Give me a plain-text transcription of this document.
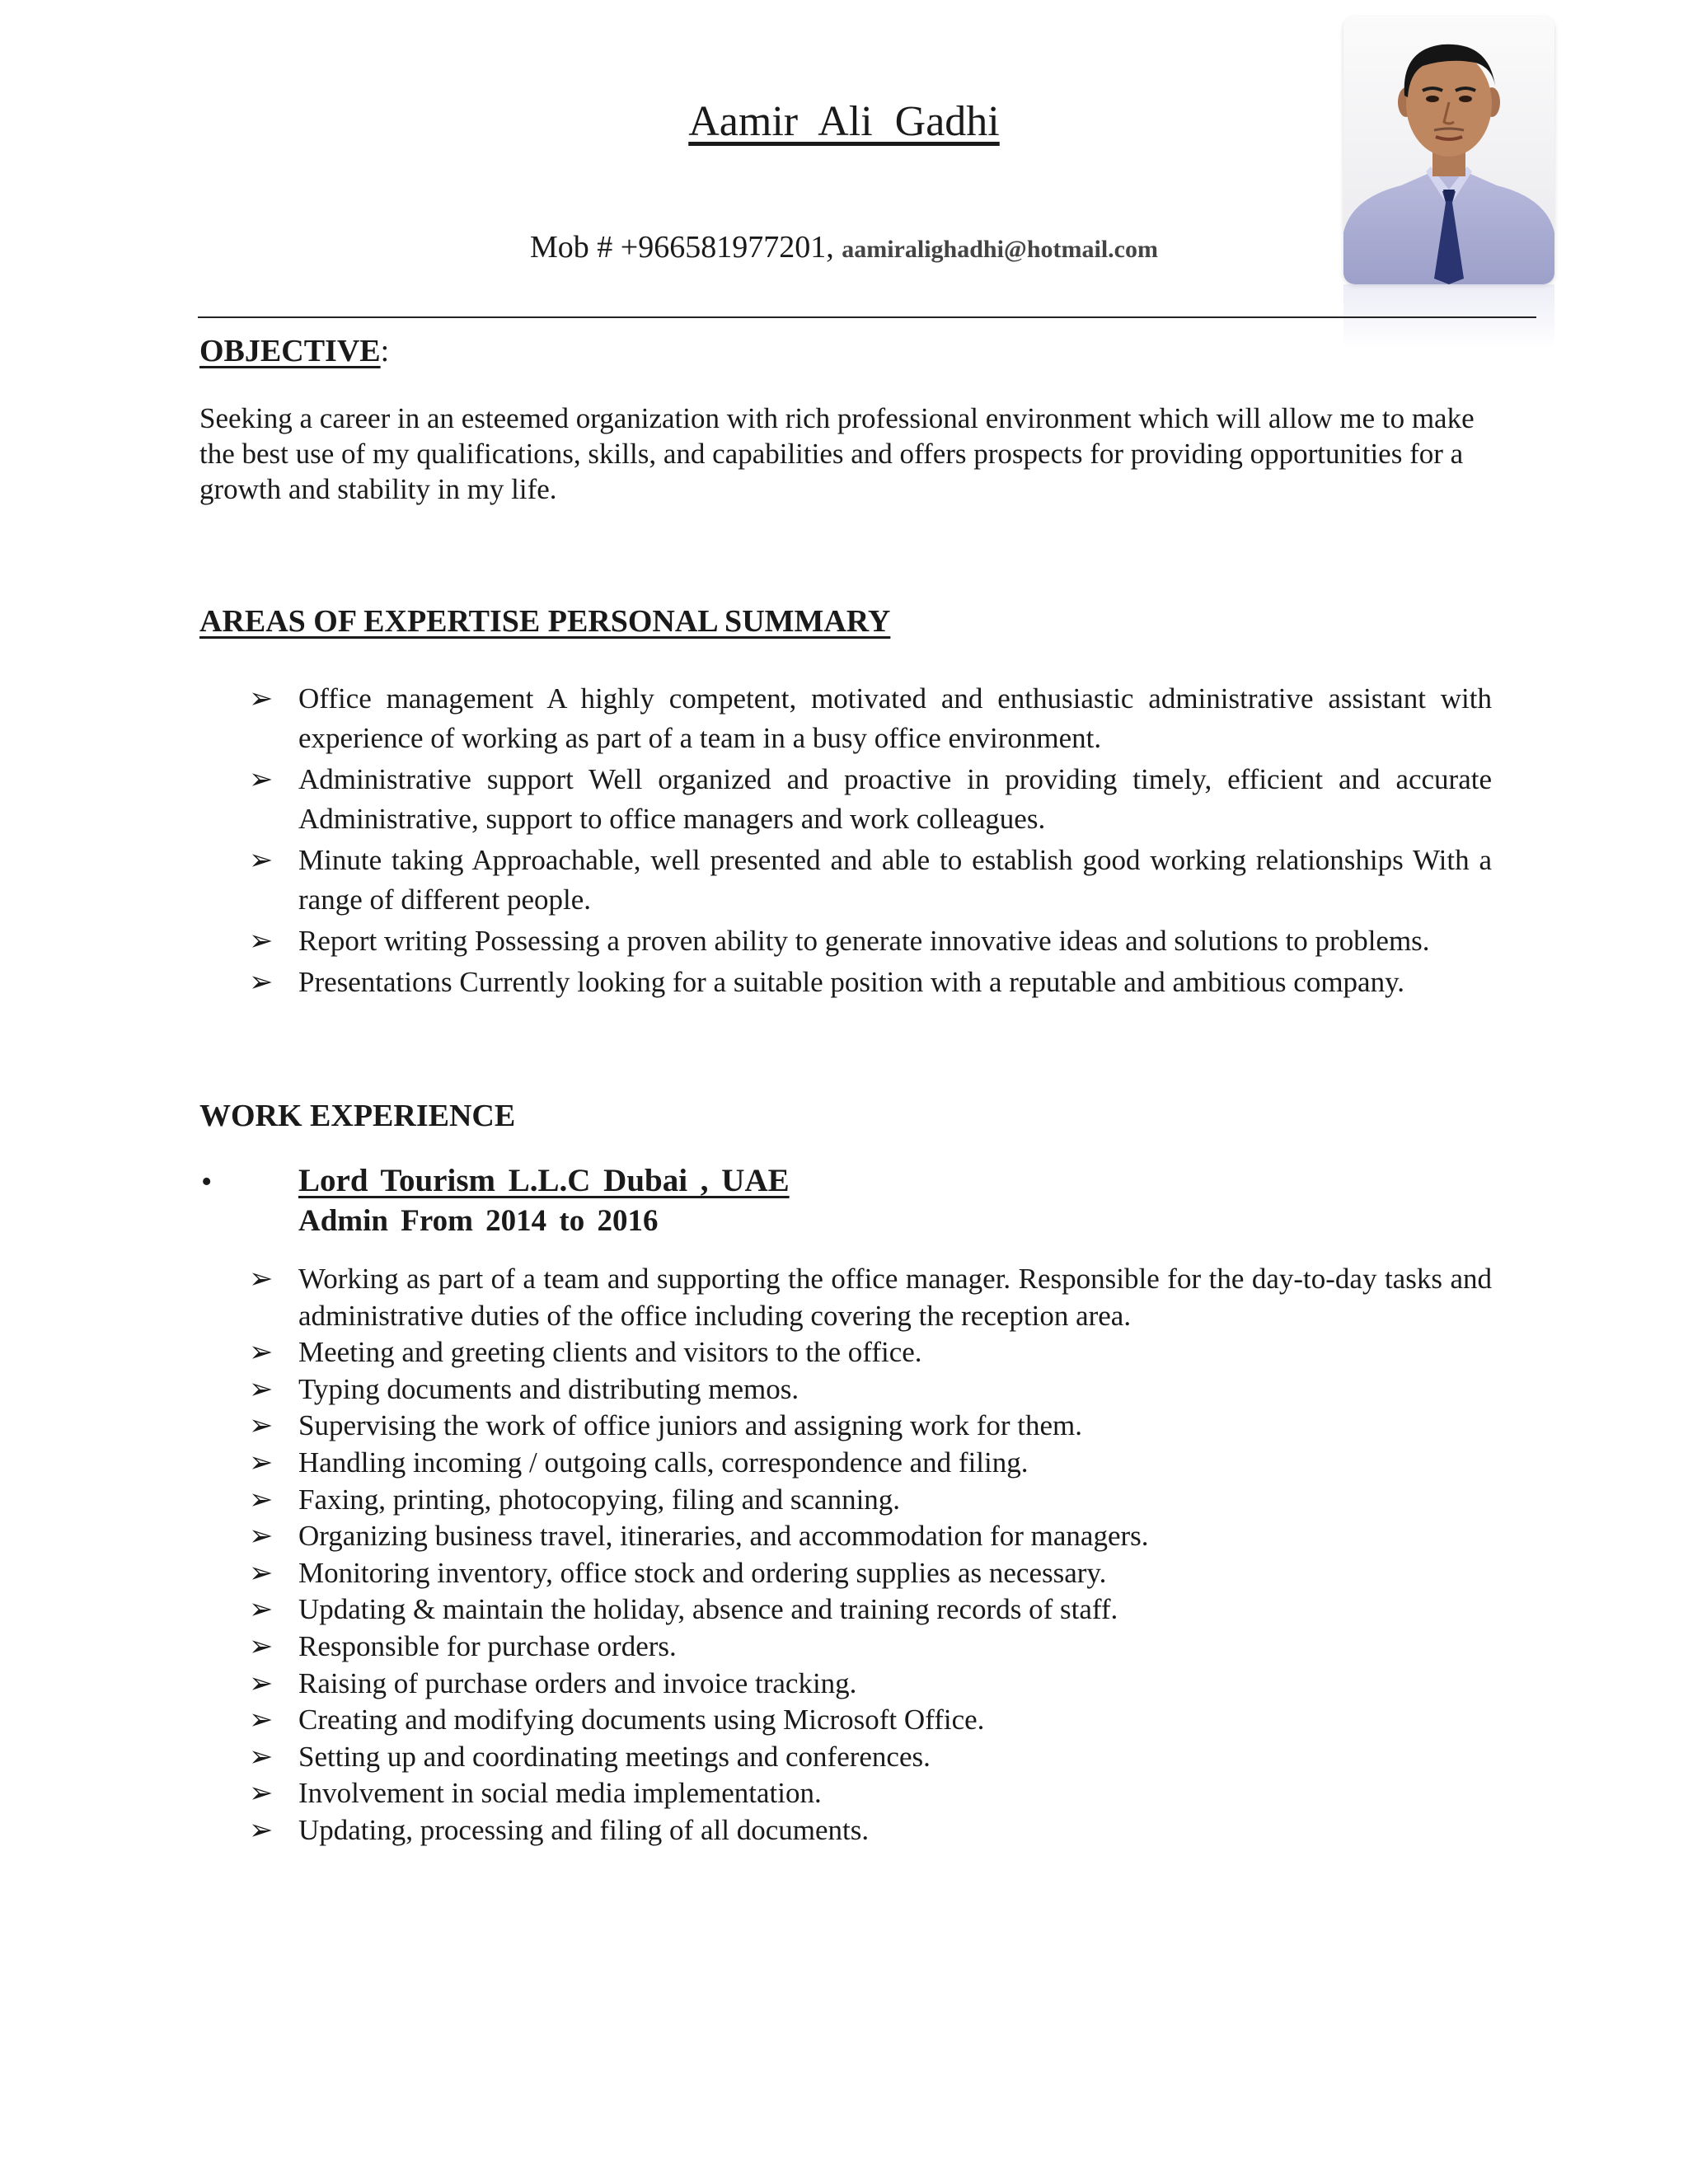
Aamir Ali Gadhi
Mob # +966581977201, aamiralighadhi@hotmail.com
OBJECTIVE:
Seeking a career in an esteemed organization with rich professional environment which will allow me to make the best use of my qualifications, skills, and capabilities and offers prospects for providing opportunities for a growth and stability in my life.
AREAS OF EXPERTISE PERSONAL SUMMARY
➢ Office management A highly competent, motivated and enthusiastic administrative assistant with experience of working as part of a team in a busy office environment.
➢ Administrative support Well organized and proactive in providing timely, efficient and accurate Administrative, support to office managers and work colleagues.
➢ Minute taking Approachable, well presented and able to establish good working relationships With a range of different people.
➢ Report writing Possessing a proven ability to generate innovative ideas and solutions to problems.
➢ Presentations Currently looking for a suitable position with a reputable and ambitious company.
WORK EXPERIENCE
•	Lord Tourism L.L.C Dubai , UAE
Admin From 2014 to 2016
➢ Working as part of a team and supporting the office manager. Responsible for the day-to-day tasks and administrative duties of the office including covering the reception area.
➢ Meeting and greeting clients and visitors to the office.
➢ Typing documents and distributing memos.
➢ Supervising the work of office juniors and assigning work for them.
➢ Handling incoming / outgoing calls, correspondence and filing.
➢ Faxing, printing, photocopying, filing and scanning.
➢ Organizing business travel, itineraries, and accommodation for managers.
➢ Monitoring inventory, office stock and ordering supplies as necessary.
➢ Updating & maintain the holiday, absence and training records of staff.
➢ Responsible for purchase orders.
➢ Raising of purchase orders and invoice tracking.
➢ Creating and modifying documents using Microsoft Office.
➢ Setting up and coordinating meetings and conferences.
➢ Involvement in social media implementation.
➢ Updating, processing and filing of all documents.
